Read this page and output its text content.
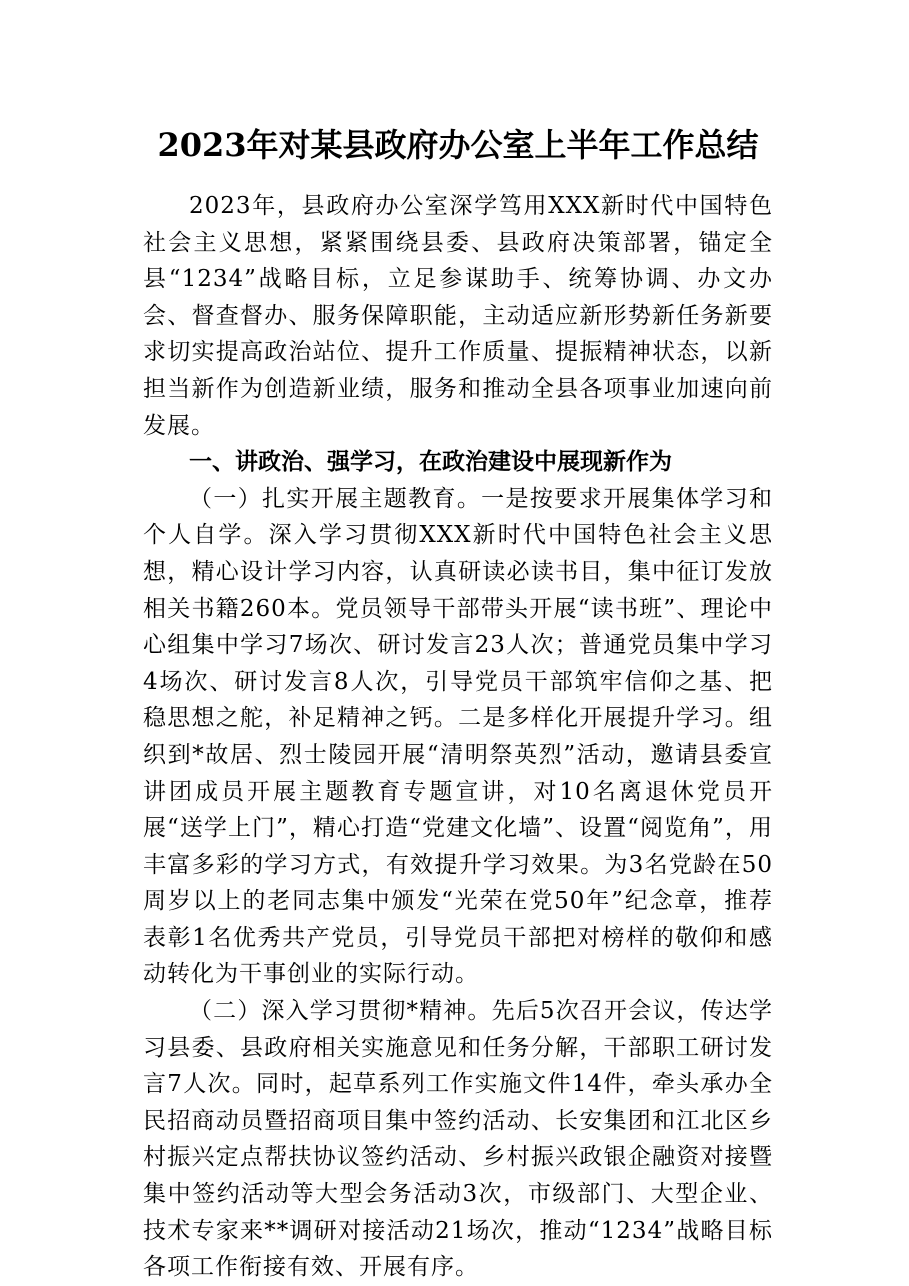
2023年对某县政府办公室上半年工作总结

2023年，县政府办公室深学笃用XXX新时代中国特色社会主义思想，紧紧围绕县委、县政府决策部署，锚定全县“1234”战略目标，立足参谋助手、统筹协调、办文办会、督查督办、服务保障职能，主动适应新形势新任务新要求切实提高政治站位、提升工作质量、提振精神状态，以新担当新作为创造新业绩，服务和推动全县各项事业加速向前发展。

一、讲政治、强学习，在政治建设中展现新作为

（一）扎实开展主题教育。一是按要求开展集体学习和个人自学。深入学习贯彻XXX新时代中国特色社会主义思想，精心设计学习内容，认真研读必读书目，集中征订发放相关书籍260本。党员领导干部带头开展“读书班”、理论中心组集中学习7场次、研讨发言23人次；普通党员集中学习4场次、研讨发言8人次，引导党员干部筑牢信仰之基、把稳思想之舵，补足精神之钙。二是多样化开展提升学习。组织到*故居、烈士陵园开展“清明祭英烈”活动，邀请县委宣讲团成员开展主题教育专题宣讲，对10名离退休党员开展“送学上门”，精心打造“党建文化墙”、设置“阅览角”，用丰富多彩的学习方式，有效提升学习效果。为3名党龄在50周岁以上的老同志集中颁发“光荣在党50年”纪念章，推荐表彰1名优秀共产党员，引导党员干部把对榜样的敬仰和感动转化为干事创业的实际行动。

（二）深入学习贯彻*精神。先后5次召开会议，传达学习县委、县政府相关实施意见和任务分解，干部职工研讨发言7人次。同时，起草系列工作实施文件14件，牵头承办全民招商动员暨招商项目集中签约活动、长安集团和江北区乡村振兴定点帮扶协议签约活动、乡村振兴政银企融资对接暨集中签约活动等大型会务活动3次，市级部门、大型企业、技术专家来**调研对接活动21场次，推动“1234”战略目标各项工作衔接有效、开展有序。
